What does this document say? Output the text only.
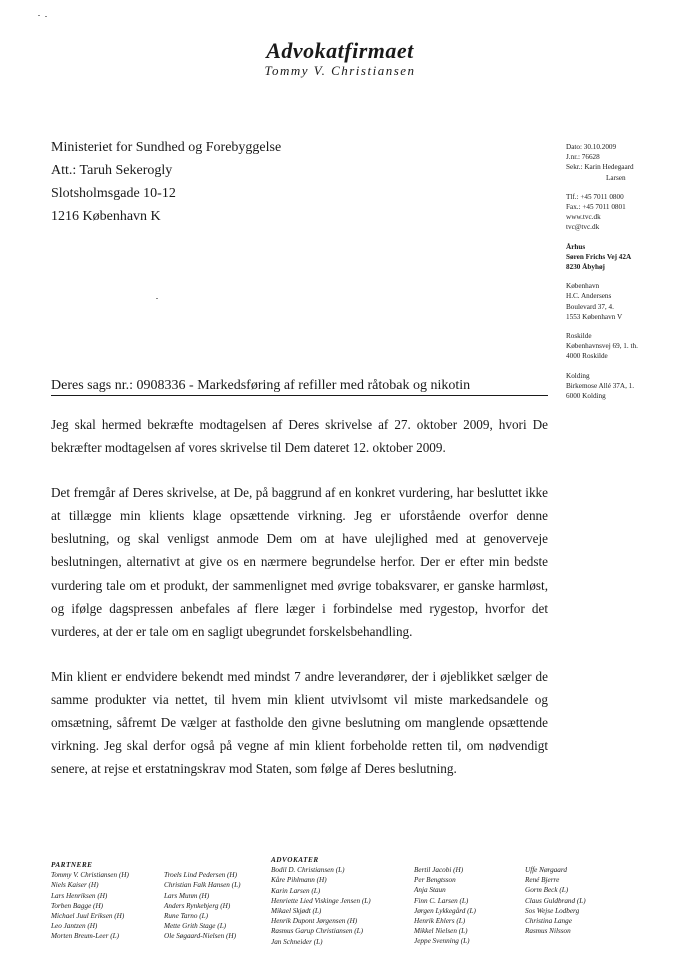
Advokatfirmaet
Tommy V. Christiansen
Ministeriet for Sundhed og Forebyggelse
Att.: Taruh Sekerogly
Slotsholmsgade 10-12
1216 København K
Dato: 30.10.2009
J.nr.: 76628
Sekr.: Karin Hedegaard
Larsen
Tlf.: +45 7011 0800
Fax.: +45 7011 0801
www.tvc.dk
tvc@tvc.dk
Århus
Søren Frichs Vej 42A
8230 Åbyhøj
København
H.C. Andersens
Boulevard 37, 4.
1553 København V
Roskilde
Københavnsvej 69, 1. th.
4000 Roskilde
Kolding
Birkemose Allé 37A, 1.
6000 Kolding
Deres sags nr.: 0908336 - Markedsføring af refiller med råtobak og nikotin

Jeg skal hermed bekræfte modtagelsen af Deres skrivelse af 27. oktober 2009, hvori De bekræfter modtagelsen af vores skrivelse til Dem dateret 12. oktober 2009.

Det fremgår af Deres skrivelse, at De, på baggrund af en konkret vurdering, har besluttet ikke at tillægge min klients klage opsættende virkning. Jeg er uforstående overfor denne beslutning, og skal venligst anmode Dem om at have ulejlighed med at genoverveje beslutningen, alternativt at give os en nærmere begrundelse herfor. Der er efter min bedste vurdering tale om et produkt, der sammenlignet med øvrige tobaksvarer, er ganske harmløst, og ifølge dagspressen anbefales af flere læger i forbindelse med rygestop, hvorfor det vurderes, at der er tale om en sagligt ubegrundet forskelsbehandling.

Min klient er endvidere bekendt med mindst 7 andre leverandører, der i øjeblikket sælger de samme produkter via nettet, til hvem min klient utvivlsomt vil miste markedsandele og omsætning, såfremt De vælger at fastholde den givne beslutning om manglende opsættende virkning. Jeg skal derfor også på vegne af min klient forbeholde retten til, om nødvendigt senere, at rejse et erstatningskrav mod Staten, som følge af Deres beslutning.

PARTNERE
Tommy V. Christiansen (H)
Niels Kaiser (H)
Lars Henriksen (H)
Torben Bagge (H)
Michael Juul Eriksen (H)
Leo Jantzen (H)
Morten Breum-Leer (L)

Troels Lind Pedersen (H)
Christian Falk Hansen (L)
Lars Munm (H)
Anders Rynkebjerg (H)
Rune Tarno (L)
Mette Grith Stage (L)
Ole Søgaard-Nielsen (H)
ADVOKATER
Bodil D. Christiansen (L)
Kåre Pihlmann (H)
Karin Larsen (L)
Henriette Lied Viskinge Jensen (L)
Mikael Skjødt (L)
Henrik Dupont Jørgensen (H)
Rasmus Garup Christiansen (L)
Jan Schneider (L)
Bertil Jacobi (H)
Per Bengtsson
Anja Staun
Finn C. Larsen (L)
Jørgen Lykkegård (L)
Henrik Ehlers (L)
Mikkel Nielsen (L)
Jeppe Svenning (L)
Uffe Nørgaard
René Bjerre
Gorm Beck (L)
Claus Guldbrand (L)
Sos Wejse Lodberg
Christina Lange
Rasmus Nilsson
